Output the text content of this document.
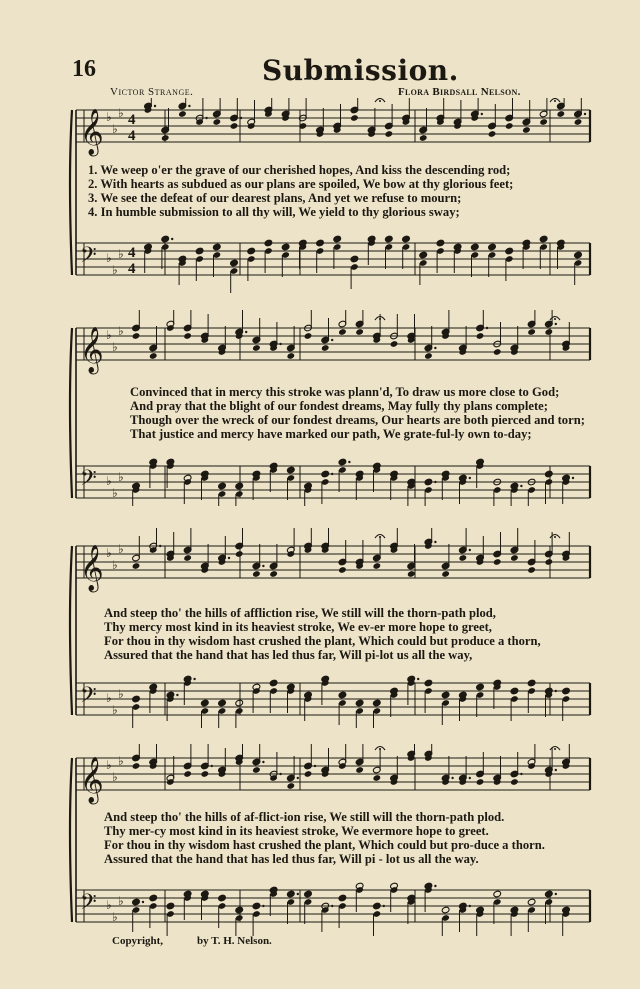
16	Submission.
Victor Strange.	Flora Birdsall Nelson.
𝄞 ♭
♭
♭ 4
4
𝄢 ♭
♭
♭ 4
4
1. We weep o'er the grave of our cherished hopes, And kiss the descending rod;
2. With hearts as subdued as our plans are spoiled, We bow at thy glorious feet;
3. We see the defeat of our dearest plans, And yet we refuse to mourn;
4. In humble submission to all thy will, We yield to thy glorious sway;
𝄞 ♭
♭
♭
𝄢 ♭
♭
♭
Convinced that in mercy this stroke was plann'd, To draw us more close to God;
And pray that the blight of our fondest dreams, May fully thy plans complete;
Though over the wreck of our fondest dreams, Our hearts are both pierced and torn;
That justice and mercy have marked our path, We grate-ful-ly own to-day;
𝄞 ♭
♭
♭
𝄢 ♭
♭
♭
And steep tho' the hills of affliction rise, We still will the thorn-path plod,
Thy mercy most kind in its heaviest stroke, We ev-er more hope to greet,
For thou in thy wisdom hast crushed the plant, Which could but produce a thorn,
Assured that the hand that has led thus far, Will pi-lot us all the way,
𝄞 ♭
♭
♭
𝄢 ♭
♭
♭
And steep tho' the hills of af-flict-ion rise, We still will the thorn-path plod.
Thy mer-cy most kind in its heaviest stroke, We evermore hope to greet.
For thou in thy wisdom hast crushed the plant, Which could but pro-duce a thorn.
Assured that the hand that has led thus far, Will pi - lot us all the way.
Copyright,	by T. H. Nelson.
